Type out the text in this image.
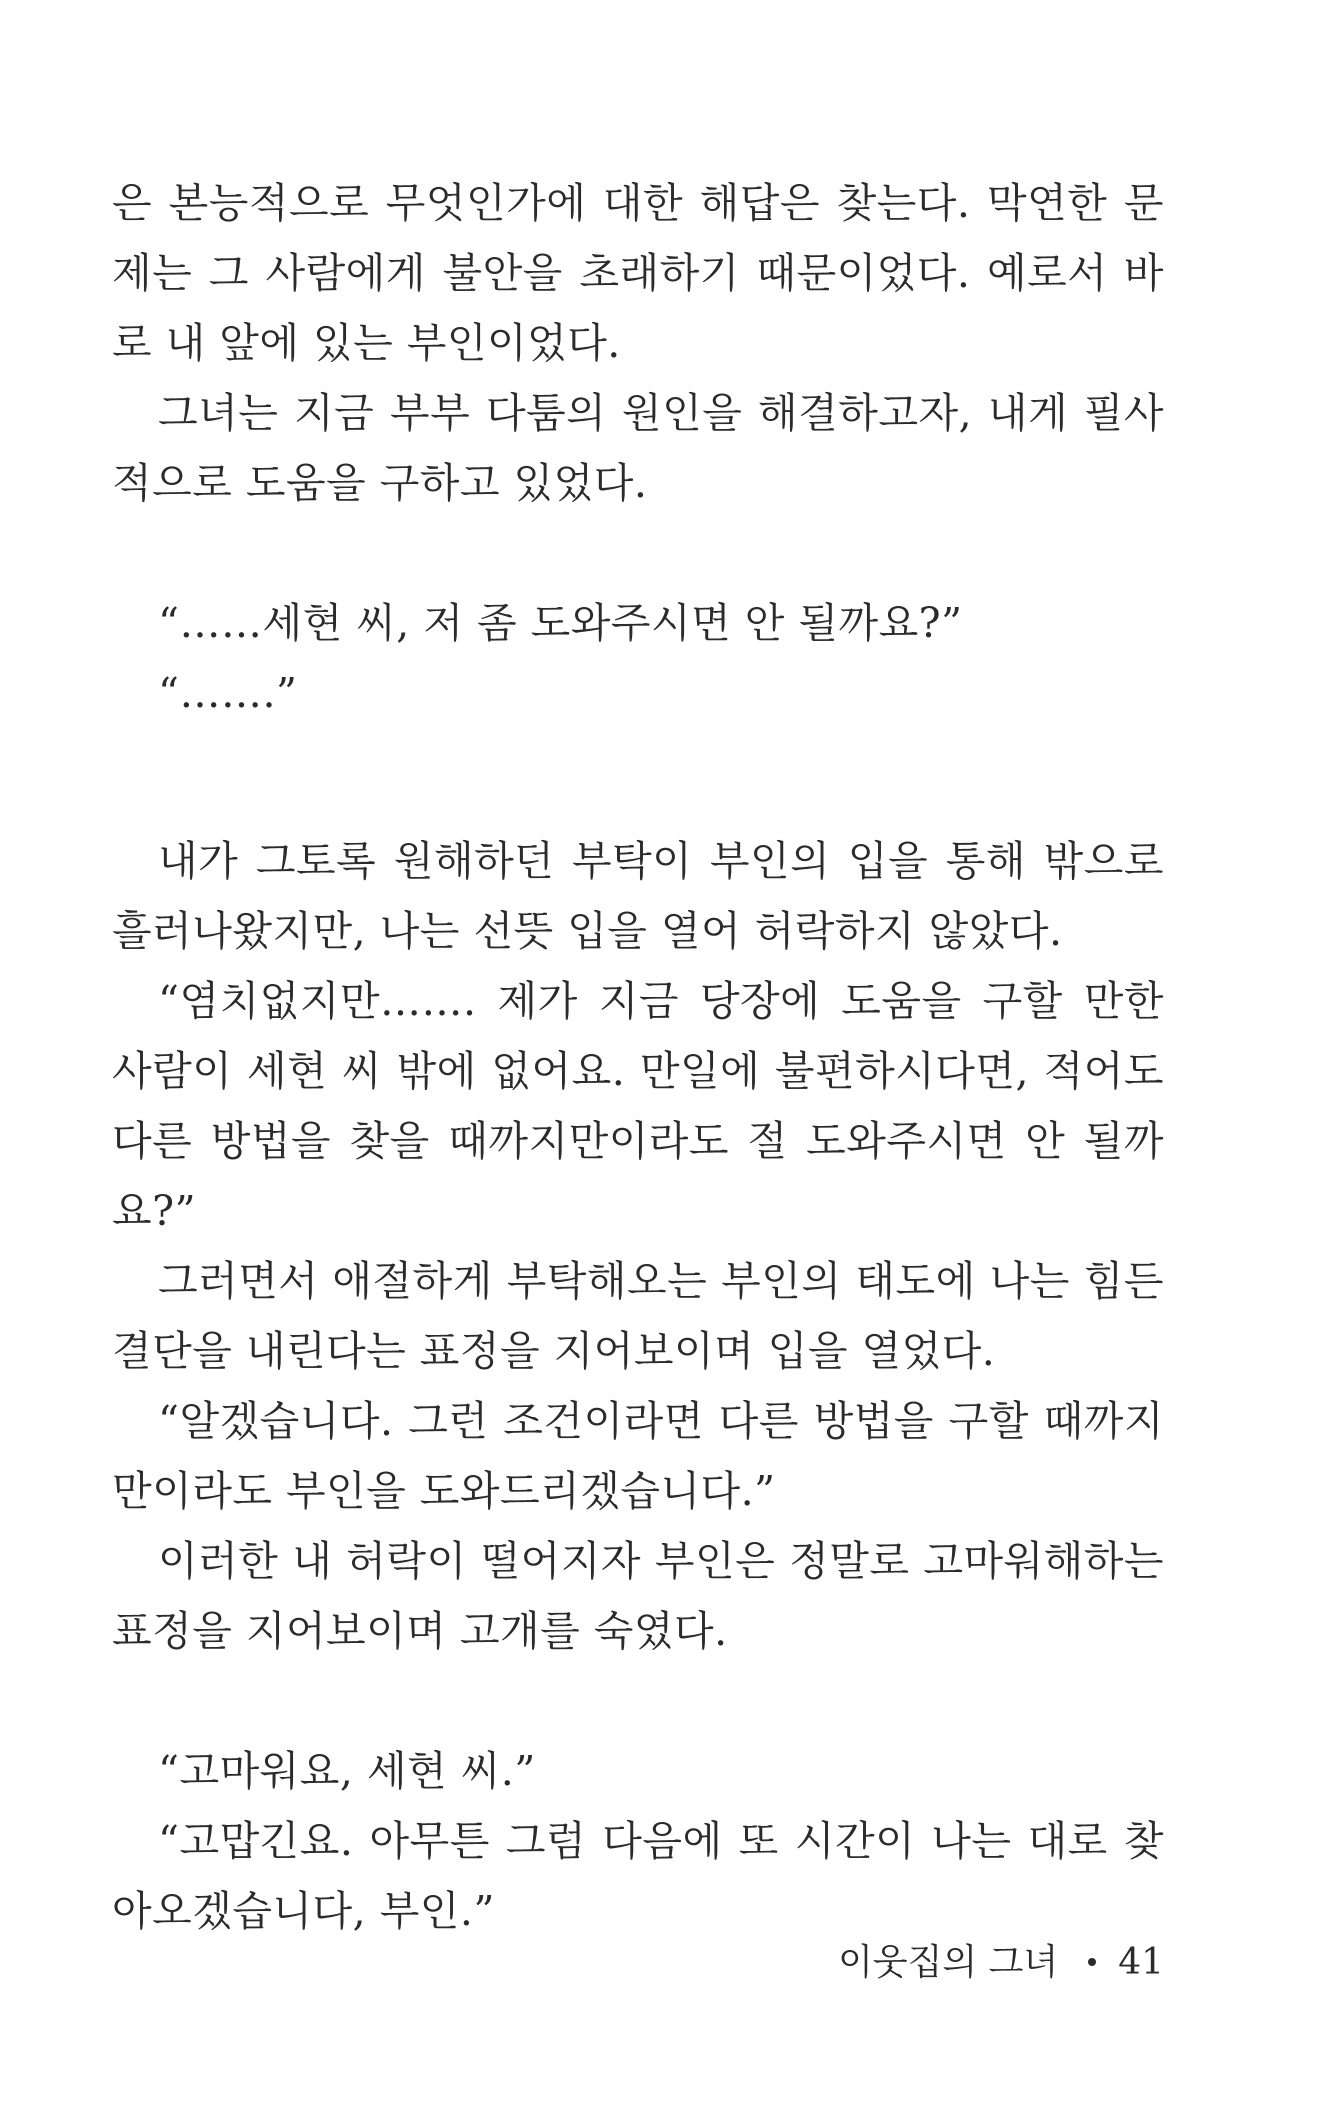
은 본능적으로 무엇인가에 대한 해답은 찾는다. 막연한 문제는 그 사람에게 불안을 초래하기 때문이었다. 예로서 바로 내 앞에 있는 부인이었다.

그녀는 지금 부부 다툼의 원인을 해결하고자, 내게 필사적으로 도움을 구하고 있었다.

“……세현 씨, 저 좀 도와주시면 안 될까요?”

“…….”

내가 그토록 원해하던 부탁이 부인의 입을 통해 밖으로 흘러나왔지만, 나는 선뜻 입을 열어 허락하지 않았다.

“염치없지만……. 제가 지금 당장에 도움을 구할 만한 사람이 세현 씨 밖에 없어요. 만일에 불편하시다면, 적어도 다른 방법을 찾을 때까지만이라도 절 도와주시면 안 될까요?”

그러면서 애절하게 부탁해오는 부인의 태도에 나는 힘든 결단을 내린다는 표정을 지어보이며 입을 열었다.

“알겠습니다. 그런 조건이라면 다른 방법을 구할 때까지 만이라도 부인을 도와드리겠습니다.”

이러한 내 허락이 떨어지자 부인은 정말로 고마워해하는 표정을 지어보이며 고개를 숙였다.

“고마워요, 세현 씨.”

“고맙긴요. 아무튼 그럼 다음에 또 시간이 나는 대로 찾아오겠습니다, 부인.”

이웃집의 그녀 41
